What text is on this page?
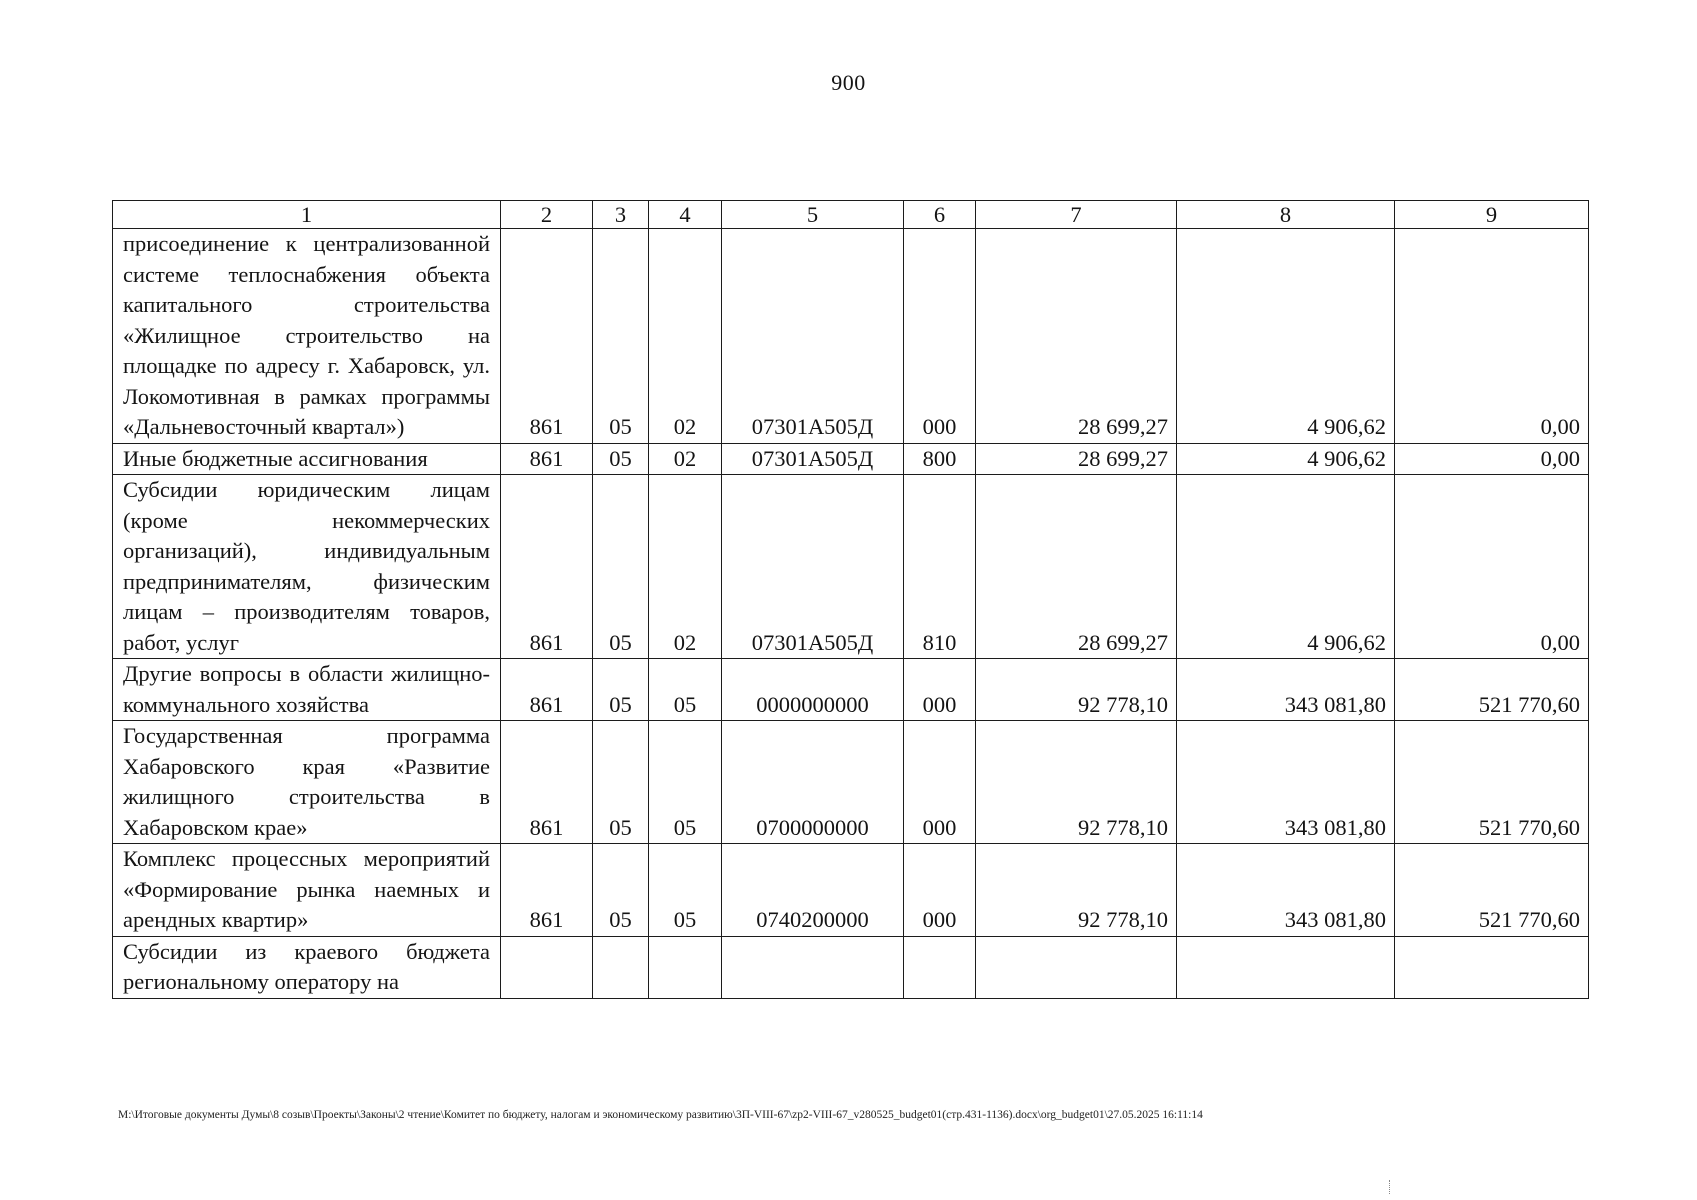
900
1	2	3	4	5	6	7	8	9
присоединение к централизованной системе теплоснабжения объекта капитального строительства «Жилищное строительство на площадке по адресу г. Хабаровск, ул. Локомотивная в рамках программы «Дальневосточный квартал»)	861	05	02	07301А505Д	000	28 699,27	4 906,62	0,00
Иные бюджетные ассигнования	861	05	02	07301А505Д	800	28 699,27	4 906,62	0,00
Субсидии юридическим лицам (кроме некоммерческих организаций), индивидуальным предпринимателям, физическим лицам – производителям товаров, работ, услуг	861	05	02	07301А505Д	810	28 699,27	4 906,62	0,00
Другие вопросы в области жилищно-коммунального хозяйства	861	05	05	0000000000	000	92 778,10	343 081,80	521 770,60
Государственная программа Хабаровского края «Развитие жилищного строительства в Хабаровском крае»	861	05	05	0700000000	000	92 778,10	343 081,80	521 770,60
Комплекс процессных мероприятий «Формирование рынка наемных и арендных квартир»	861	05	05	0740200000	000	92 778,10	343 081,80	521 770,60
Субсидии из краевого бюджета региональному оператору на								
M:\Итоговые документы Думы\8 созыв\Проекты\Законы\2 чтение\Комитет по бюджету, налогам и экономическому развитию\3П-VIII-67\zp2-VIII-67_v280525_budget01(стр.431-1136).docx\org_budget01\27.05.2025 16:11:14
